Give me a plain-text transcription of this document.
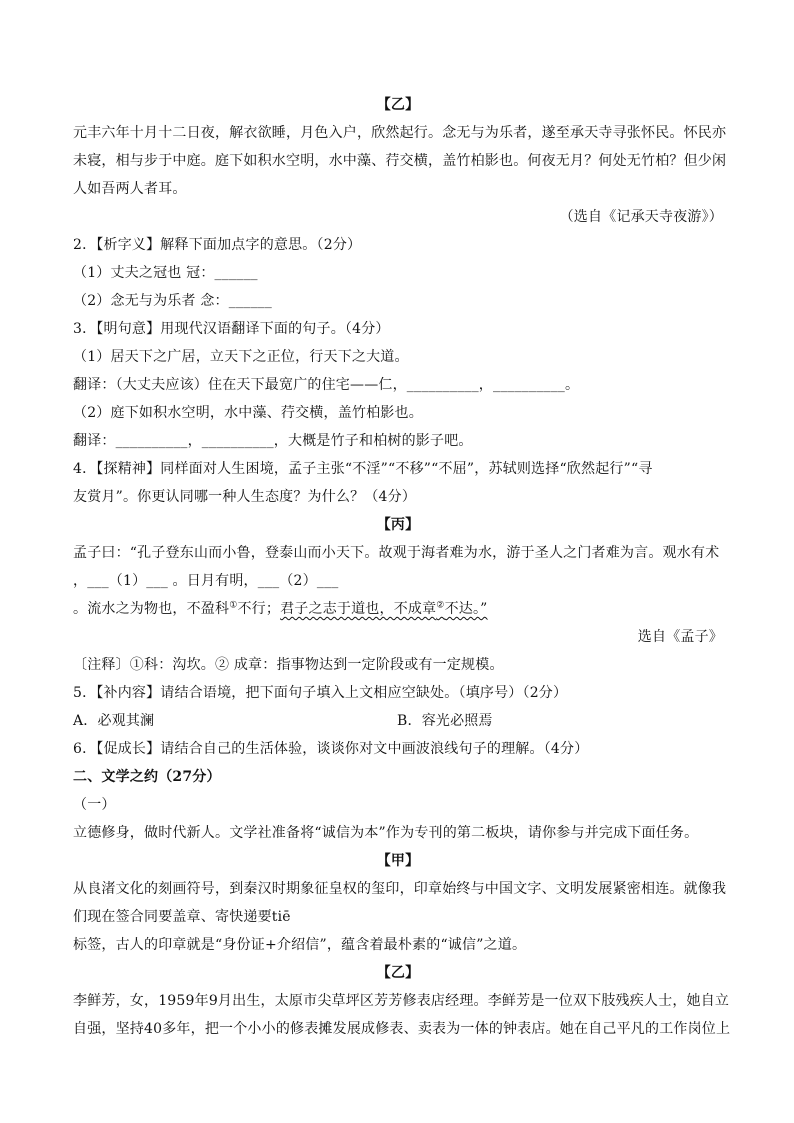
【乙】
元丰六年十月十二日夜，解衣欲睡，月色入户，欣然起行。念无与为乐者，遂至承天寺寻张怀民。怀民亦
未寝，相与步于中庭。庭下如积水空明，水中藻、荇交横，盖竹柏影也。何夜无月？何处无竹柏？但少闲
人如吾两人者耳。
（选自《记承天寺夜游》）
2．【析字义】解释下面加点字的意思。（2分）
（1）丈夫之冠也 冠：______
（2）念无与为乐者 念：______
3．【明句意】用现代汉语翻译下面的句子。（4分）
（1）居天下之广居，立天下之正位，行天下之大道。
翻译：（大丈夫应该）住在天下最宽广的住宅——仁，__________，__________。
（2）庭下如积水空明，水中藻、荇交横，盖竹柏影也。
翻译：__________，__________，大概是竹子和柏树的影子吧。
4．【探精神】同样面对人生困境，孟子主张“不淫”“不移”“不屈”，苏轼则选择“欣然起行”“寻
友赏月”。你更认同哪一种人生态度？为什么？（4分）
【丙】
孟子曰：“孔子登东山而小鲁，登泰山而小天下。故观于海者难为水，游于圣人之门者难为言。观水有术
，___（1）___ 。日月有明，___（2）___
。流水之为物也，不盈科①不行；君子之志于道也，不成章②不达。”
选自《孟子》
〔注释〕①科：沟坎。② 成章：指事物达到一定阶段或有一定规模。
5．【补内容】请结合语境，把下面句子填入上文相应空缺处。（填序号）（2分）
A．必观其澜	B．容光必照焉
6．【促成长】请结合自己的生活体验，谈谈你对文中画波浪线句子的理解。（4分）
二、文学之约（27分）
（一）
立德修身，做时代新人。文学社准备将“诚信为本”作为专刊的第二板块，请你参与并完成下面任务。
【甲】
从良渚文化的刻画符号，到秦汉时期象征皇权的玺印，印章始终与中国文字、文明发展紧密相连。就像我
们现在签合同要盖章、寄快递要tiē
标签，古人的印章就是“身份证+介绍信”，蕴含着最朴素的“诚信”之道。
【乙】
李鲜芳，女，1959年9月出生，太原市尖草坪区芳芳修表店经理。李鲜芳是一位双下肢残疾人士，她自立
自强，坚持40多年，把一个小小的修表摊发展成修表、卖表为一体的钟表店。她在自己平凡的工作岗位上
